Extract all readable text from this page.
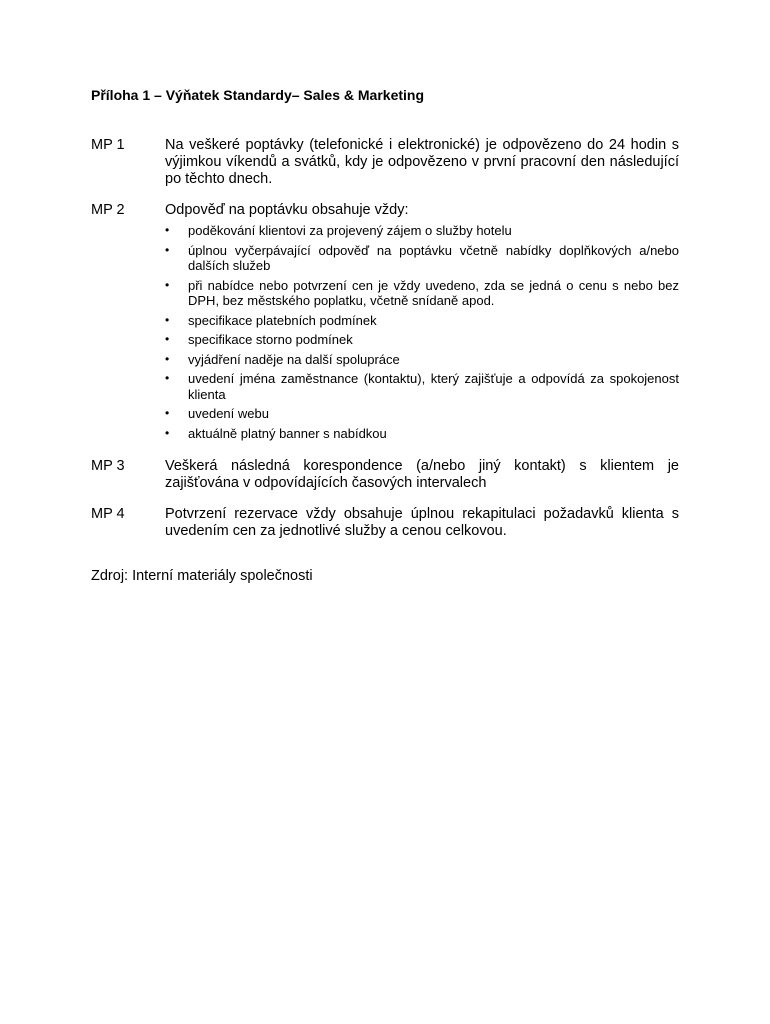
Příloha 1 – Výňatek Standardy– Sales & Marketing
MP 1	Na veškeré poptávky (telefonické i elektronické) je odpovězeno do 24 hodin s výjimkou víkendů a svátků, kdy je odpovězeno v první pracovní den následující po těchto dnech.

MP 2	Odpověď na poptávku obsahuje vždy:

• poděkování klientovi za projevený zájem o služby hotelu
• úplnou vyčerpávající odpověď na poptávku včetně nabídky doplňkových a/nebo dalších služeb
• při nabídce nebo potvrzení cen je vždy uvedeno, zda se jedná o cenu s nebo bez DPH, bez městského poplatku, včetně snídaně apod.
• specifikace platebních podmínek
• specifikace storno podmínek
• vyjádření naděje na další spolupráce
• uvedení jména zaměstnance (kontaktu), který zajišťuje a odpovídá za spokojenost klienta
• uvedení webu
• aktuálně platný banner s nabídkou
MP 3	Veškerá následná korespondence (a/nebo jiný kontakt) s klientem je zajišťována v odpovídajících časových intervalech

MP 4	Potvrzení rezervace vždy obsahuje úplnou rekapitulaci požadavků klienta s uvedením cen za jednotlivé služby a cenou celkovou.

Zdroj: Interní materiály společnosti
